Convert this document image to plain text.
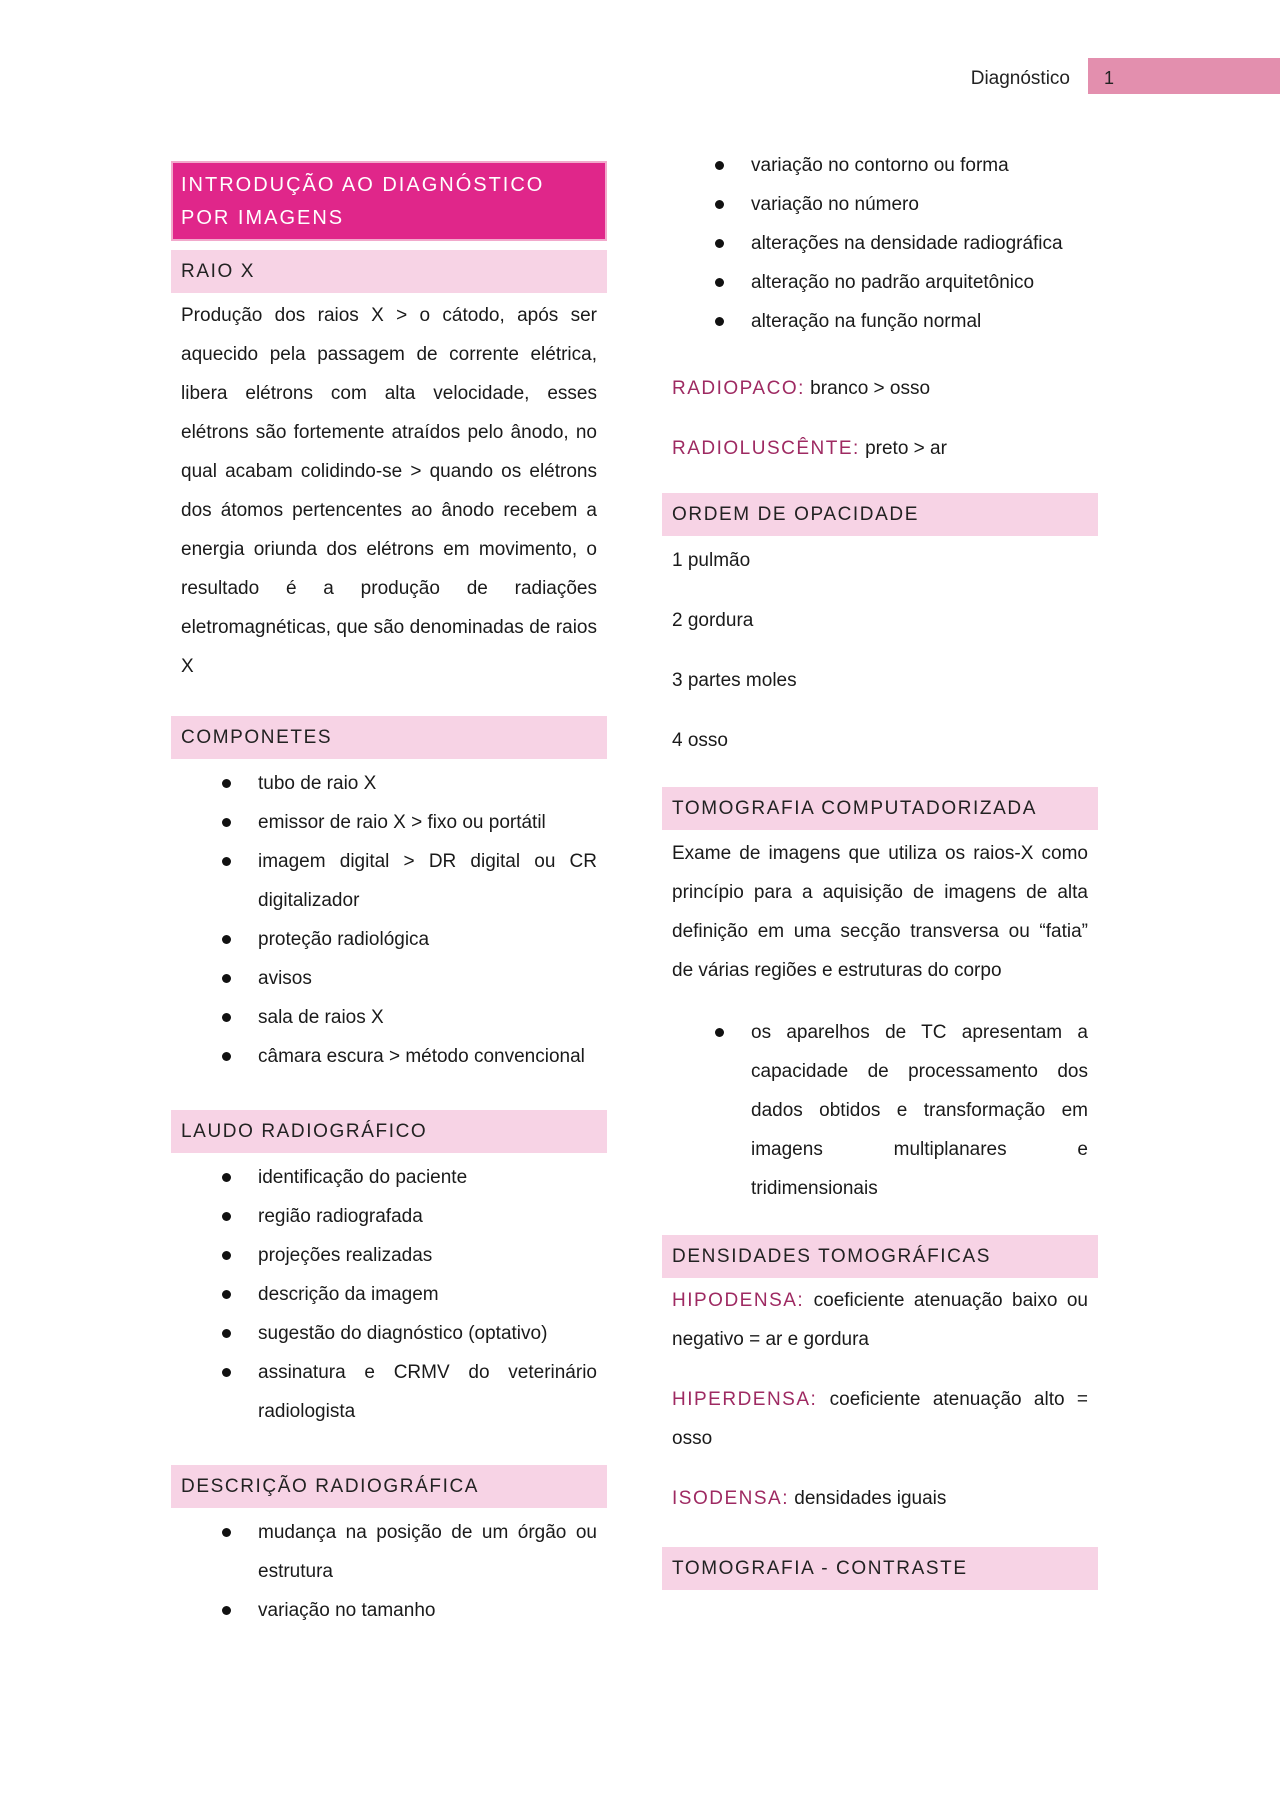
Diagnóstico 1
INTRODUÇÃO AO DIAGNÓSTICO POR IMAGENS
RAIO X
Produção dos raios X > o cátodo, após ser aquecido pela passagem de corrente elétrica, libera elétrons com alta velocidade, esses elétrons são fortemente atraídos pelo ânodo, no qual acabam colidindo-se > quando os elétrons dos átomos pertencentes ao ânodo recebem a energia oriunda dos elétrons em movimento, o resultado é a produção de radiações eletromagnéticas, que são denominadas de raios X
COMPONETES
tubo de raio X
emissor de raio X > fixo ou portátil
imagem digital > DR digital ou CR digitalizador
proteção radiológica
avisos
sala de raios X
câmara escura > método convencional
LAUDO RADIOGRÁFICO
identificação do paciente
região radiografada
projeções realizadas
descrição da imagem
sugestão do diagnóstico (optativo)
assinatura e CRMV do veterinário radiologista
DESCRIÇÃO RADIOGRÁFICA
mudança na posição de um órgão ou estrutura
variação no tamanho
variação no contorno ou forma
variação no número
alterações na densidade radiográfica
alteração no padrão arquitetônico
alteração na função normal
RADIOPACO: branco > osso
RADIOLUSCÊNTE: preto > ar
ORDEM DE OPACIDADE
1 pulmão
2 gordura
3 partes moles
4 osso
TOMOGRAFIA COMPUTADORIZADA
Exame de imagens que utiliza os raios-X como princípio para a aquisição de imagens de alta definição em uma secção transversa ou “fatia” de várias regiões e estruturas do corpo
os aparelhos de TC apresentam a capacidade de processamento dos dados obtidos e transformação em imagens multiplanares e tridimensionais
DENSIDADES TOMOGRÁFICAS
HIPODENSA: coeficiente atenuação baixo ou negativo = ar e gordura
HIPERDENSA: coeficiente atenuação alto = osso
ISODENSA: densidades iguais
TOMOGRAFIA - CONTRASTE
